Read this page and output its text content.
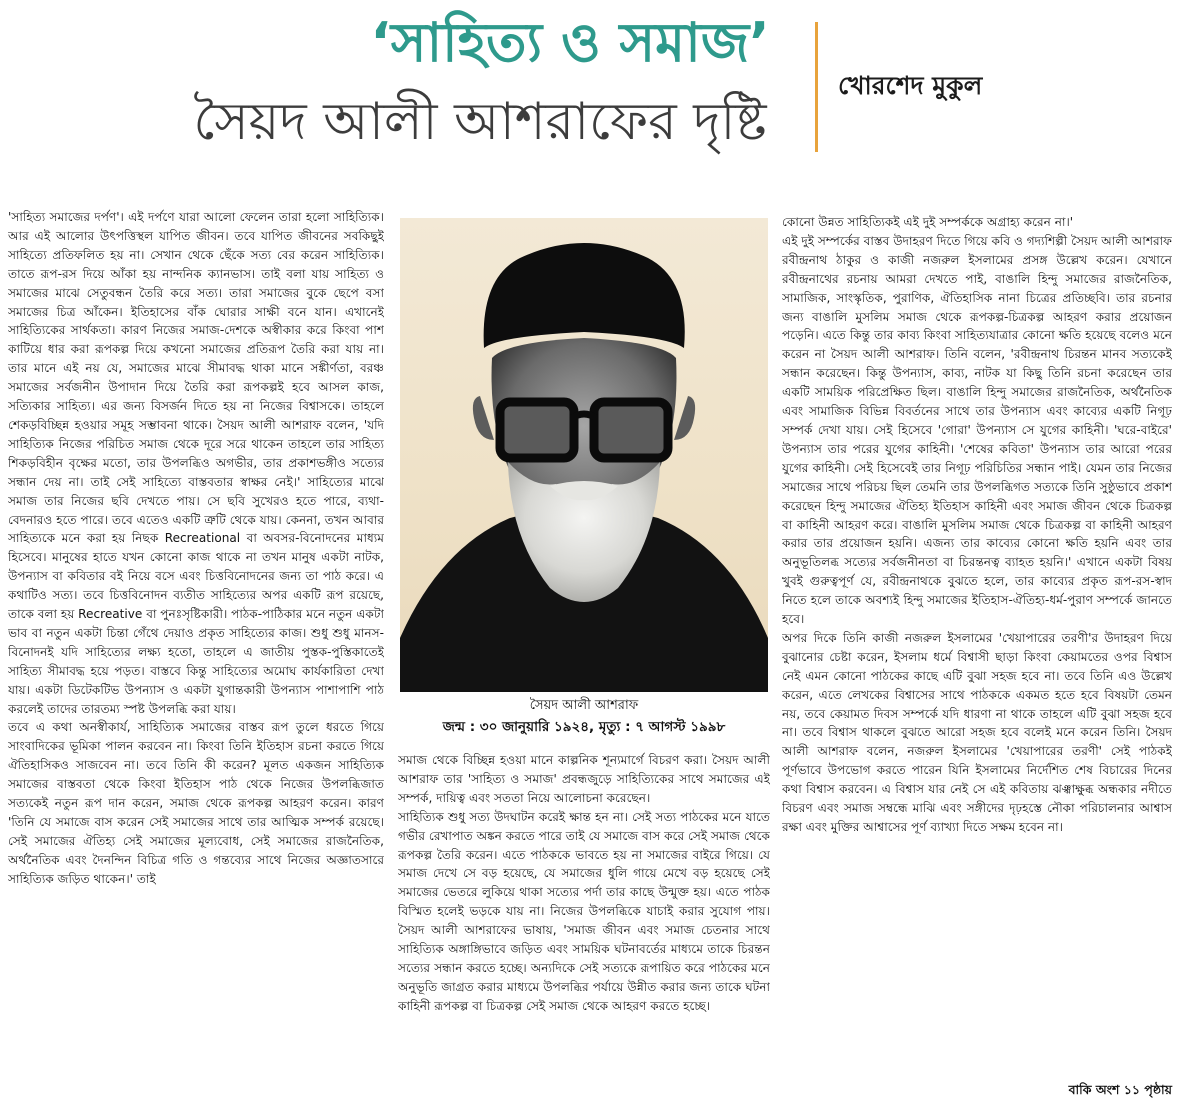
‘সাহিত্য ও সমাজ’
সৈয়দ আলী আশরাফের দৃষ্টি
খোরশেদ মুকুল

'সাহিত্য সমাজের দর্পণ'। এই দর্পণে যারা আলো ফেলেন তারা হলো সাহিত্যিক। আর এই আলোর উৎপত্তিস্থল যাপিত জীবন। তবে যাপিত জীবনের সবকিছুই সাহিত্যে প্রতিফলিত হয় না। সেখান থেকে ছেঁকে সত্য বের করেন সাহিত্যিক। তাতে রূপ-রস দিয়ে আঁকা হয় নান্দনিক ক্যানভাস। তাই বলা যায় সাহিত্য ও সমাজের মাঝে সেতুবন্ধন তৈরি করে সত্য। তারা সমাজের বুকে ছেপে বসা সমাজের চিত্র আঁকেন। ইতিহাসের বাঁক ঘোরার সাক্ষী বনে যান। এখানেই সাহিত্যিকের সার্থকতা। কারণ নিজের সমাজ-দেশকে অস্বীকার করে কিংবা পাশ কাটিয়ে ধার করা রূপকল্প দিয়ে কখনো সমাজের প্রতিরূপ তৈরি করা যায় না। তার মানে এই নয় যে, সমাজের মাঝে সীমাবদ্ধ থাকা মানে সঙ্কীর্ণতা, বরঞ্চ সমাজের সর্বজনীন উপাদান দিয়ে তৈরি করা রূপকল্পই হবে আসল কাজ, সত্যিকার সাহিত্য। এর জন্য বিসর্জন দিতে হয় না নিজের বিশ্বাসকে। তাহলে শেকড়বিচ্ছিন্ন হওয়ার সমূহ সম্ভাবনা থাকে। সৈয়দ আলী আশরাফ বলেন, 'যদি সাহিত্যিক নিজের পরিচিত সমাজ থেকে দূরে সরে থাকেন তাহলে তার সাহিত্য শিকড়বিহীন বৃক্ষের মতো, তার উপলব্ধিও অগভীর, তার প্রকাশভঙ্গীও সত্যের সন্ধান দেয় না। তাই সেই সাহিত্যে বাস্তবতার স্বাক্ষর নেই।' সাহিত্যের মাঝে সমাজ তার নিজের ছবি দেখতে পায়। সে ছবি সুখেরও হতে পারে, ব্যথা-বেদনারও হতে পারে। তবে এতেও একটি ত্রুটি থেকে যায়। কেননা, তখন আবার সাহিত্যকে মনে করা হয় নিছক Recreational বা অবসর-বিনোদনের মাধ্যম হিসেবে। মানুষের হাতে যখন কোনো কাজ থাকে না তখন মানুষ একটা নাটক, উপন্যাস বা কবিতার বই নিয়ে বসে এবং চিত্তবিনোদনের জন্য তা পাঠ করে। এ কথাটিও সত্য। তবে চিত্তবিনোদন ব্যতীত সাহিত্যের অপর একটি রূপ রয়েছে, তাকে বলা হয় Recreative বা পুনঃসৃষ্টিকারী। পাঠক-পাঠিকার মনে নতুন একটা ভাব বা নতুন একটা চিন্তা গেঁথে দেয়াও প্রকৃত সাহিত্যের কাজ। শুধু শুধু মানস-বিনোদনই যদি সাহিত্যের লক্ষ্য হতো, তাহলে এ জাতীয় পুস্তক-পুস্তিকাতেই সাহিত্য সীমাবদ্ধ হয়ে পড়ত। বাস্তবে কিন্তু সাহিত্যের অমোঘ কার্যকারিতা দেখা যায়। একটা ডিটেকটিভ উপন্যাস ও একটা যুগান্তকারী উপন্যাস পাশাপাশি পাঠ করলেই তাদের তারতম্য স্পষ্ট উপলব্ধি করা যায়।

তবে এ কথা অনস্বীকার্য, সাহিত্যিক সমাজের বাস্তব রূপ তুলে ধরতে গিয়ে সাংবাদিকের ভূমিকা পালন করবেন না। কিংবা তিনি ইতিহাস রচনা করতে গিয়ে ঐতিহাসিকও সাজবেন না। তবে তিনি কী করেন? মূলত একজন সাহিত্যিক সমাজের বাস্তবতা থেকে কিংবা ইতিহাস পাঠ থেকে নিজের উপলব্ধিজাত সত্যকেই নতুন রূপ দান করেন, সমাজ থেকে রূপকল্প আহরণ করেন। কারণ 'তিনি যে সমাজে বাস করেন সেই সমাজের সাথে তার আত্মিক সম্পর্ক রয়েছে। সেই সমাজের ঐতিহ্য সেই সমাজের মূল্যবোধ, সেই সমাজের রাজনৈতিক, অর্থনৈতিক এবং দৈনন্দিন বিচিত্র গতি ও গন্তব্যের সাথে নিজের অজ্ঞাতসারে সাহিত্যিক জড়িত থাকেন।' তাই

সৈয়দ আলী আশরাফ
জন্ম : ৩০ জানুয়ারি ১৯২৪, মৃত্যু : ৭ আগস্ট ১৯৯৮

সমাজ থেকে বিচ্ছিন্ন হওয়া মানে কাল্পনিক শূন্যমার্গে বিচরণ করা। সৈয়দ আলী আশরাফ তার 'সাহিত্য ও সমাজ' প্রবন্ধজুড়ে সাহিত্যিকের সাথে সমাজের এই সম্পর্ক, দায়িত্ব এবং সততা নিয়ে আলোচনা করেছেন।

সাহিত্যিক শুধু সত্য উদঘাটন করেই ক্ষান্ত হন না। সেই সত্য পাঠকের মনে যাতে গভীর রেখাপাত অঙ্কন করতে পারে তাই যে সমাজে বাস করে সেই সমাজ থেকে রূপকল্প তৈরি করেন। এতে পাঠককে ভাবতে হয় না সমাজের বাইরে গিয়ে। যে সমাজ দেখে সে বড় হয়েছে, যে সমাজের ধুলি গায়ে মেখে বড় হয়েছে সেই সমাজের ভেতরে লুকিয়ে থাকা সত্যের পর্দা তার কাছে উন্মুক্ত হয়। এতে পাঠক বিস্মিত হলেই ভড়কে যায় না। নিজের উপলব্ধিকে যাচাই করার সুযোগ পায়। সৈয়দ আলী আশরাফের ভাষায়, 'সমাজ জীবন এবং সমাজ চেতনার সাথে সাহিত্যিক অঙ্গাঙ্গিভাবে জড়িত এবং সাময়িক ঘটনাবর্তের মাধ্যমে তাকে চিরন্তন সত্যের সন্ধান করতে হচ্ছে। অন্যদিকে সেই সত্যকে রূপায়িত করে পাঠকের মনে অনুভূতি জাগ্রত করার মাধ্যমে উপলব্ধির পর্যায়ে উন্নীত করার জন্য তাকে ঘটনা কাহিনী রূপকল্প বা চিত্রকল্প সেই সমাজ থেকে আহরণ করতে হচ্ছে।

কোনো উন্নত সাহিত্যিকই এই দুই সম্পর্ককে অগ্রাহ্য করেন না।'

এই দুই সম্পর্কের বাস্তব উদাহরণ দিতে গিয়ে কবি ও গদ্যশিল্পী সৈয়দ আলী আশরাফ রবীন্দ্রনাথ ঠাকুর ও কাজী নজরুল ইসলামের প্রসঙ্গ উল্লেখ করেন। যেখানে রবীন্দ্রনাথের রচনায় আমরা দেখতে পাই, বাঙালি হিন্দু সমাজের রাজনৈতিক, সামাজিক, সাংস্কৃতিক, পুরাণিক, ঐতিহাসিক নানা চিত্রের প্রতিচ্ছবি। তার রচনার জন্য বাঙালি মুসলিম সমাজ থেকে রূপকল্প-চিত্রকল্প আহরণ করার প্রয়োজন পড়েনি। এতে কিন্তু তার কাব্য কিংবা সাহিত্যযাত্রার কোনো ক্ষতি হয়েছে বলেও মনে করেন না সৈয়দ আলী আশরাফ। তিনি বলেন, 'রবীন্দ্রনাথ চিরন্তন মানব সত্যকেই সন্ধান করেছেন। কিন্তু উপন্যাস, কাব্য, নাটক যা কিছু তিনি রচনা করেছেন তার একটি সাময়িক পরিপ্রেক্ষিত ছিল। বাঙালি হিন্দু সমাজের রাজনৈতিক, অর্থনৈতিক এবং সামাজিক বিভিন্ন বিবর্তনের সাথে তার উপন্যাস এবং কাব্যের একটি নিগূঢ় সম্পর্ক দেখা যায়। সেই হিসেবে 'গোরা' উপন্যাস সে যুগের কাহিনী। 'ঘরে-বাইরে' উপন্যাস তার পরের যুগের কাহিনী। 'শেষের কবিতা' উপন্যাস তার আরো পরের যুগের কাহিনী। সেই হিসেবেই তার নিগূঢ় পরিচিতির সন্ধান পাই। যেমন তার নিজের সমাজের সাথে পরিচয় ছিল তেমনি তার উপলব্ধিগত সত্যকে তিনি সুষ্ঠুভাবে প্রকাশ করেছেন হিন্দু সমাজের ঐতিহ্য ইতিহাস কাহিনী এবং সমাজ জীবন থেকে চিত্রকল্প বা কাহিনী আহরণ করে। বাঙালি মুসলিম সমাজ থেকে চিত্রকল্প বা কাহিনী আহরণ করার তার প্রয়োজন হয়নি। এজন্য তার কাব্যের কোনো ক্ষতি হয়নি এবং তার অনুভূতিলব্ধ সত্যের সর্বজনীনতা বা চিরন্তনত্ব ব্যাহত হয়নি।' এখানে একটা বিষয় খুবই গুরুত্বপূর্ণ যে, রবীন্দ্রনাথকে বুঝতে হলে, তার কাব্যের প্রকৃত রূপ-রস-স্বাদ নিতে হলে তাকে অবশ্যই হিন্দু সমাজের ইতিহাস-ঐতিহ্য-ধর্ম-পুরাণ সম্পর্কে জানতে হবে।

অপর দিকে তিনি কাজী নজরুল ইসলামের 'খেয়াপারের তরণী'র উদাহরণ দিয়ে বুঝানোর চেষ্টা করেন, ইসলাম ধর্মে বিশ্বাসী ছাড়া কিংবা কেয়ামতের ওপর বিশ্বাস নেই এমন কোনো পাঠকের কাছে এটি বুঝা সহজ হবে না। তবে তিনি এও উল্লেখ করেন, এতে লেখকের বিশ্বাসের সাথে পাঠককে একমত হতে হবে বিষয়টা তেমন নয়, তবে কেয়ামত দিবস সম্পর্কে যদি ধারণা না থাকে তাহলে এটি বুঝা সহজ হবে না। তবে বিশ্বাস থাকলে বুঝতে আরো সহজ হবে বলেই মনে করেন তিনি। সৈয়দ আলী আশরাফ বলেন, নজরুল ইসলামের 'খেয়াপারের তরণী' সেই পাঠকই পূর্ণভাবে উপভোগ করতে পারেন যিনি ইসলামের নির্দেশিত শেষ বিচারের দিনের কথা বিশ্বাস করবেন। এ বিশ্বাস যার নেই সে এই কবিতায় ঝঞ্ঝাক্ষুব্ধ অন্ধকার নদীতে বিচরণ এবং সমাজ সম্বন্ধে মাঝি এবং সঙ্গীদের দৃঢ়হস্তে নৌকা পরিচালনার আশ্বাস রক্ষা এবং মুক্তির আশ্বাসের পূর্ণ ব্যাখ্যা দিতে সক্ষম হবেন না।

বাকি অংশ ১১ পৃষ্ঠায়
